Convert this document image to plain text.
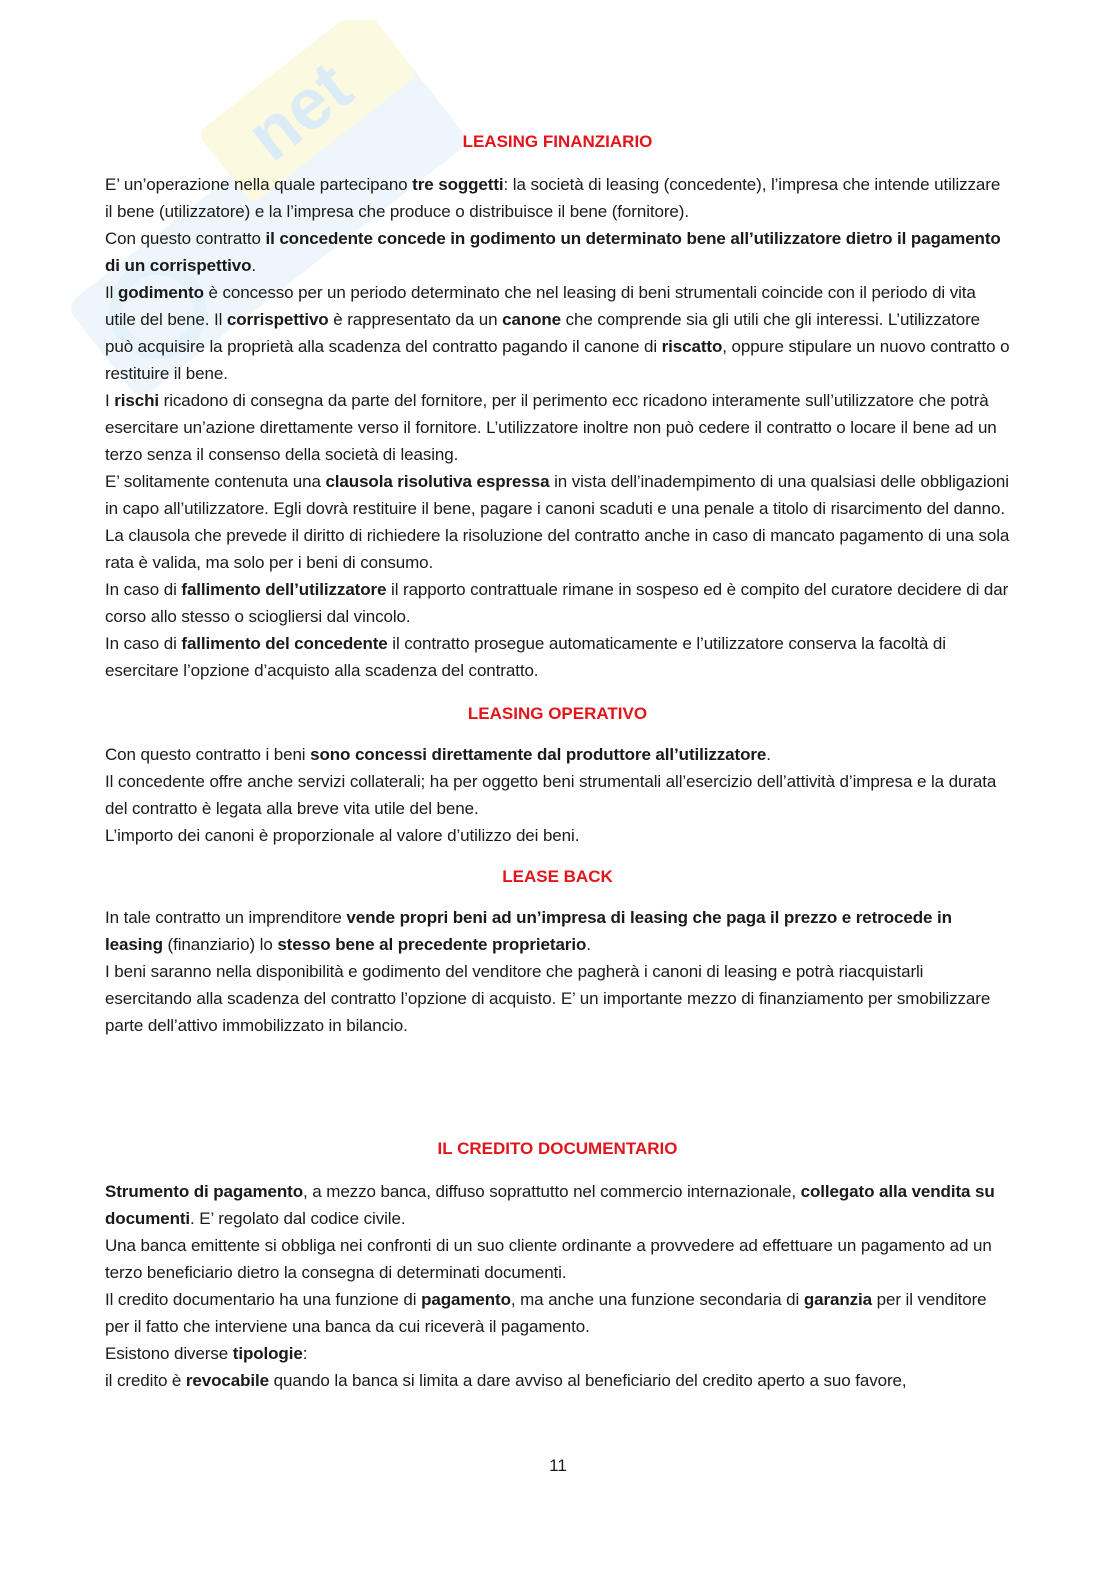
net	LEASING FINANZIARIO

E’ un’operazione nella quale partecipano tre soggetti: la società di leasing (concedente), l’impresa che intende utilizzare il bene (utilizzatore) e la l’impresa che produce o distribuisce il bene (fornitore).

Con questo contratto il concedente concede in godimento un determinato bene all’utilizzatore dietro il pagamento di un corrispettivo.

Il godimento è concesso per un periodo determinato che nel leasing di beni strumentali coincide con il periodo di vita utile del bene. Il corrispettivo è rappresentato da un canone che comprende sia gli utili che gli interessi. L’utilizzatore può acquisire la proprietà alla scadenza del contratto pagando il canone di riscatto, oppure stipulare un nuovo contratto o restituire il bene.

I rischi ricadono di consegna da parte del fornitore, per il perimento ecc ricadono interamente sull’utilizzatore che potrà esercitare un’azione direttamente verso il fornitore. L’utilizzatore inoltre non può cedere il contratto o locare il bene ad un terzo senza il consenso della società di leasing.

E’ solitamente contenuta una clausola risolutiva espressa in vista dell’inadempimento di una qualsiasi delle obbligazioni in capo all’utilizzatore. Egli dovrà restituire il bene, pagare i canoni scaduti e una penale a titolo di risarcimento del danno.

La clausola che prevede il diritto di richiedere la risoluzione del contratto anche in caso di mancato pagamento di una sola rata è valida, ma solo per i beni di consumo.

In caso di fallimento dell’utilizzatore il rapporto contrattuale rimane in sospeso ed è compito del curatore decidere di dar corso allo stesso o sciogliersi dal vincolo.

In caso di fallimento del concedente il contratto prosegue automaticamente e l’utilizzatore conserva la facoltà di esercitare l’opzione d’acquisto alla scadenza del contratto.

LEASING OPERATIVO

Con questo contratto i beni sono concessi direttamente dal produttore all’utilizzatore.

Il concedente offre anche servizi collaterali; ha per oggetto beni strumentali all’esercizio dell’attività d’impresa e la durata del contratto è legata alla breve vita utile del bene.

L’importo dei canoni è proporzionale al valore d’utilizzo dei beni.

LEASE BACK

In tale contratto un imprenditore vende propri beni ad un’impresa di leasing che paga il prezzo e retrocede in leasing (finanziario) lo stesso bene al precedente proprietario.

I beni saranno nella disponibilità e godimento del venditore che pagherà i canoni di leasing e potrà riacquistarli esercitando alla scadenza del contratto l’opzione di acquisto. E’ un importante mezzo di finanziamento per smobilizzare parte dell’attivo immobilizzato in bilancio.

IL CREDITO DOCUMENTARIO

Strumento di pagamento, a mezzo banca, diffuso soprattutto nel commercio internazionale, collegato alla vendita su documenti. E’ regolato dal codice civile.

Una banca emittente si obbliga nei confronti di un suo cliente ordinante a provvedere ad effettuare un pagamento ad un terzo beneficiario dietro la consegna di determinati documenti.

Il credito documentario ha una funzione di pagamento, ma anche una funzione secondaria di garanzia per il venditore per il fatto che interviene una banca da cui riceverà il pagamento.

Esistono diverse tipologie:

il credito è revocabile quando la banca si limita a dare avviso al beneficiario del credito aperto a suo favore,

11
